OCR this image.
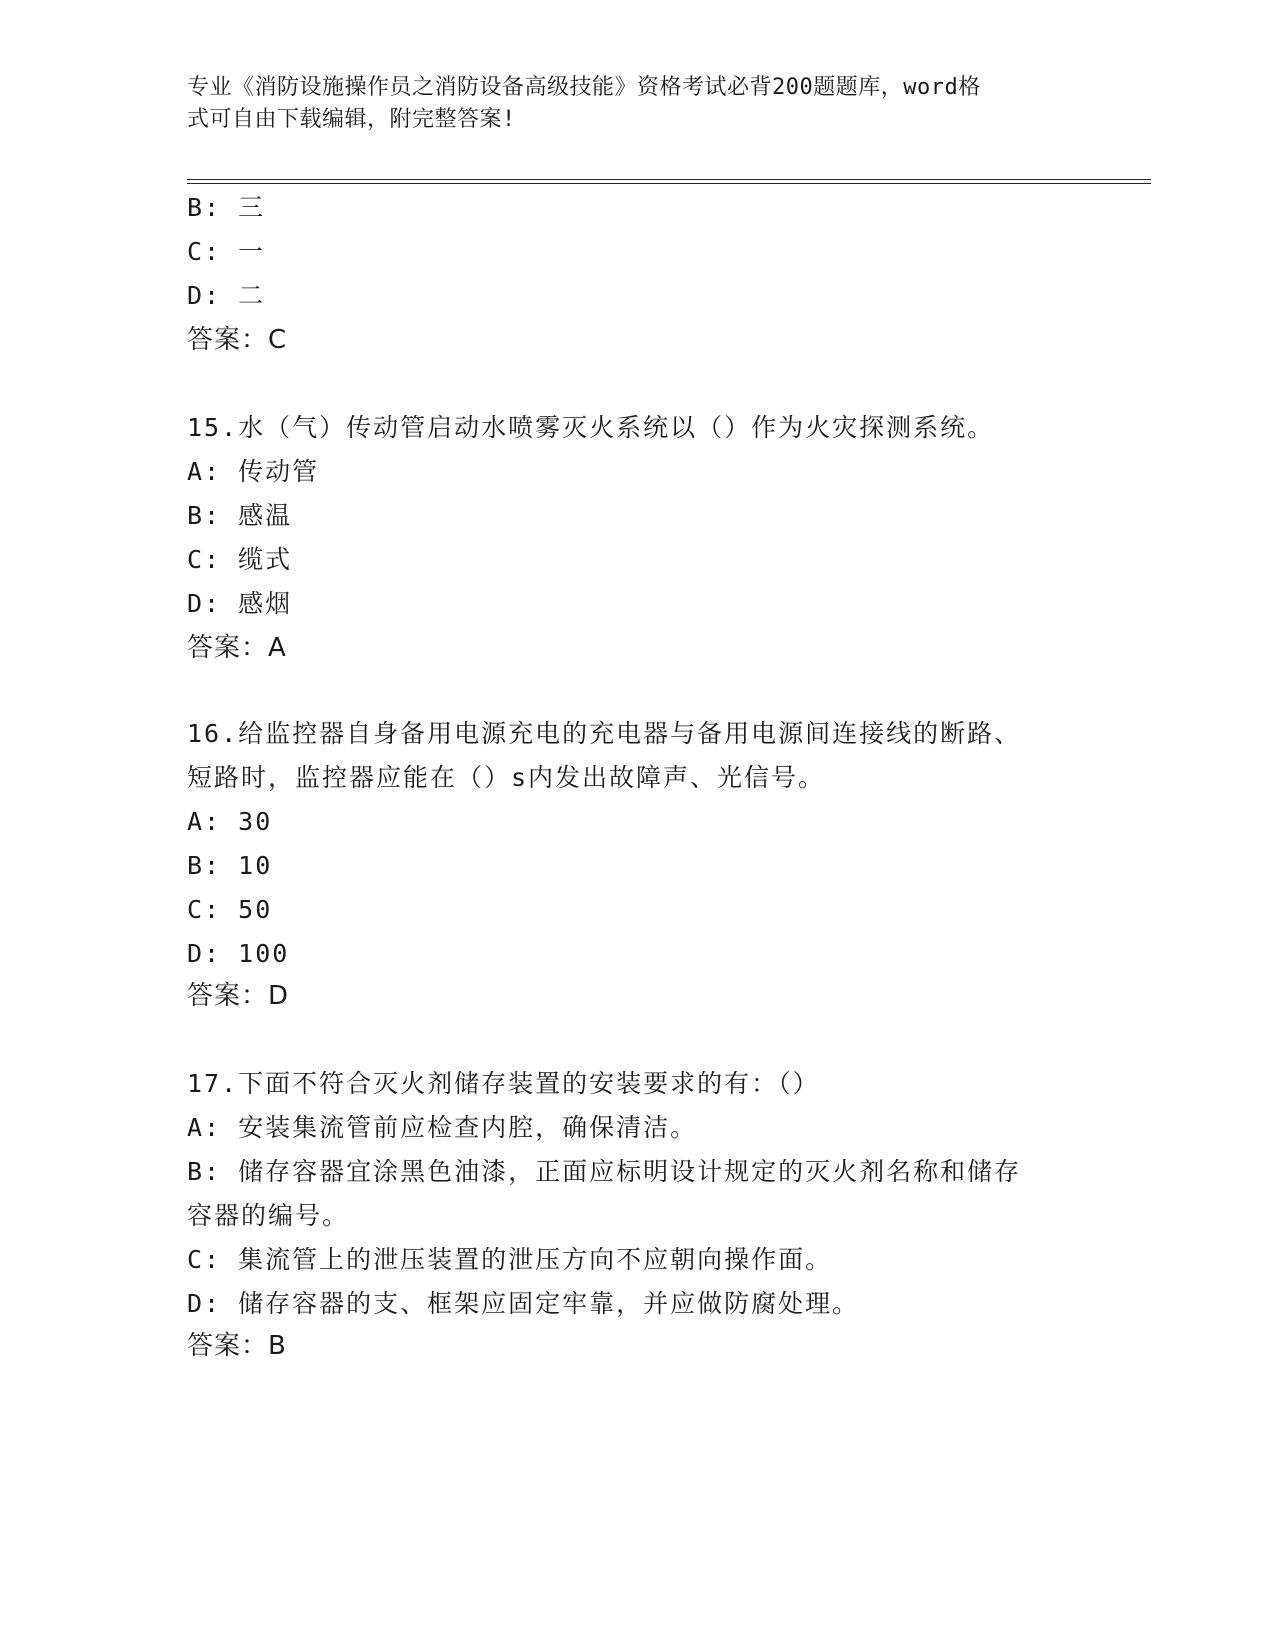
专业《消防设施操作员之消防设备高级技能》资格考试必背200题题库，word格
式可自由下载编辑，附完整答案!
B: 三
C: 一
D: 二
答案：C
15.水（气）传动管启动水喷雾灭火系统以（）作为火灾探测系统。
A: 传动管
B: 感温
C: 缆式
D: 感烟
答案：A
16.给监控器自身备用电源充电的充电器与备用电源间连接线的断路、
短路时，监控器应能在（）s内发出故障声、光信号。
A: 30
B: 10
C: 50
D: 100
答案：D
17.下面不符合灭火剂储存装置的安装要求的有：（）
A: 安装集流管前应检查内腔，确保清洁。
B: 储存容器宜涂黑色油漆，正面应标明设计规定的灭火剂名称和储存
容器的编号。
C: 集流管上的泄压装置的泄压方向不应朝向操作面。
D: 储存容器的支、框架应固定牢靠，并应做防腐处理。
答案：B
